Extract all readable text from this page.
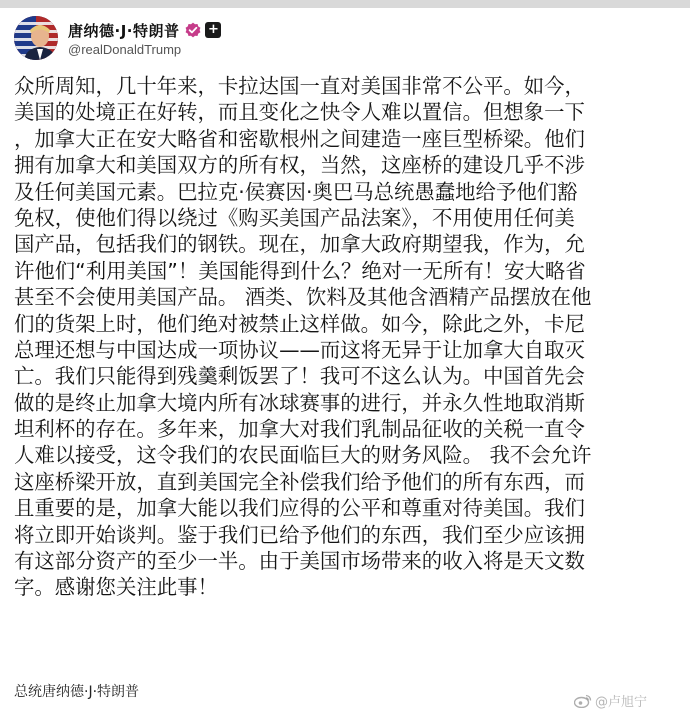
唐纳德·J·特朗普 +
@realDonaldTrump
众所周知，几十年来，卡拉达国一直对美国非常不公平。如今，
美国的处境正在好转，而且变化之快令人难以置信。但想象一下
，加拿大正在安大略省和密歇根州之间建造一座巨型桥梁。他们
拥有加拿大和美国双方的所有权，当然，这座桥的建设几乎不涉
及任何美国元素。巴拉克·侯赛因·奥巴马总统愚蠢地给予他们豁
免权，使他们得以绕过《购买美国产品法案》，不用使用任何美
国产品，包括我们的钢铁。现在，加拿大政府期望我，作为，允
许他们“利用美国”！美国能得到什么？绝对一无所有！安大略省
甚至不会使用美国产品。 酒类、饮料及其他含酒精产品摆放在他
们的货架上时，他们绝对被禁止这样做。如今，除此之外，卡尼
总理还想与中国达成一项协议——而这将无异于让加拿大自取灭
亡。我们只能得到残羹剩饭罢了！我可不这么认为。中国首先会
做的是终止加拿大境内所有冰球赛事的进行，并永久性地取消斯
坦利杯的存在。多年来，加拿大对我们乳制品征收的关税一直令
人难以接受，这令我们的农民面临巨大的财务风险。 我不会允许
这座桥梁开放，直到美国完全补偿我们给予他们的所有东西，而
且重要的是，加拿大能以我们应得的公平和尊重对待美国。我们
将立即开始谈判。鉴于我们已给予他们的东西，我们至少应该拥
有这部分资产的至少一半。由于美国市场带来的收入将是天文数
字。感谢您关注此事！
总统唐纳德·J·特朗普
@卢旭宁
